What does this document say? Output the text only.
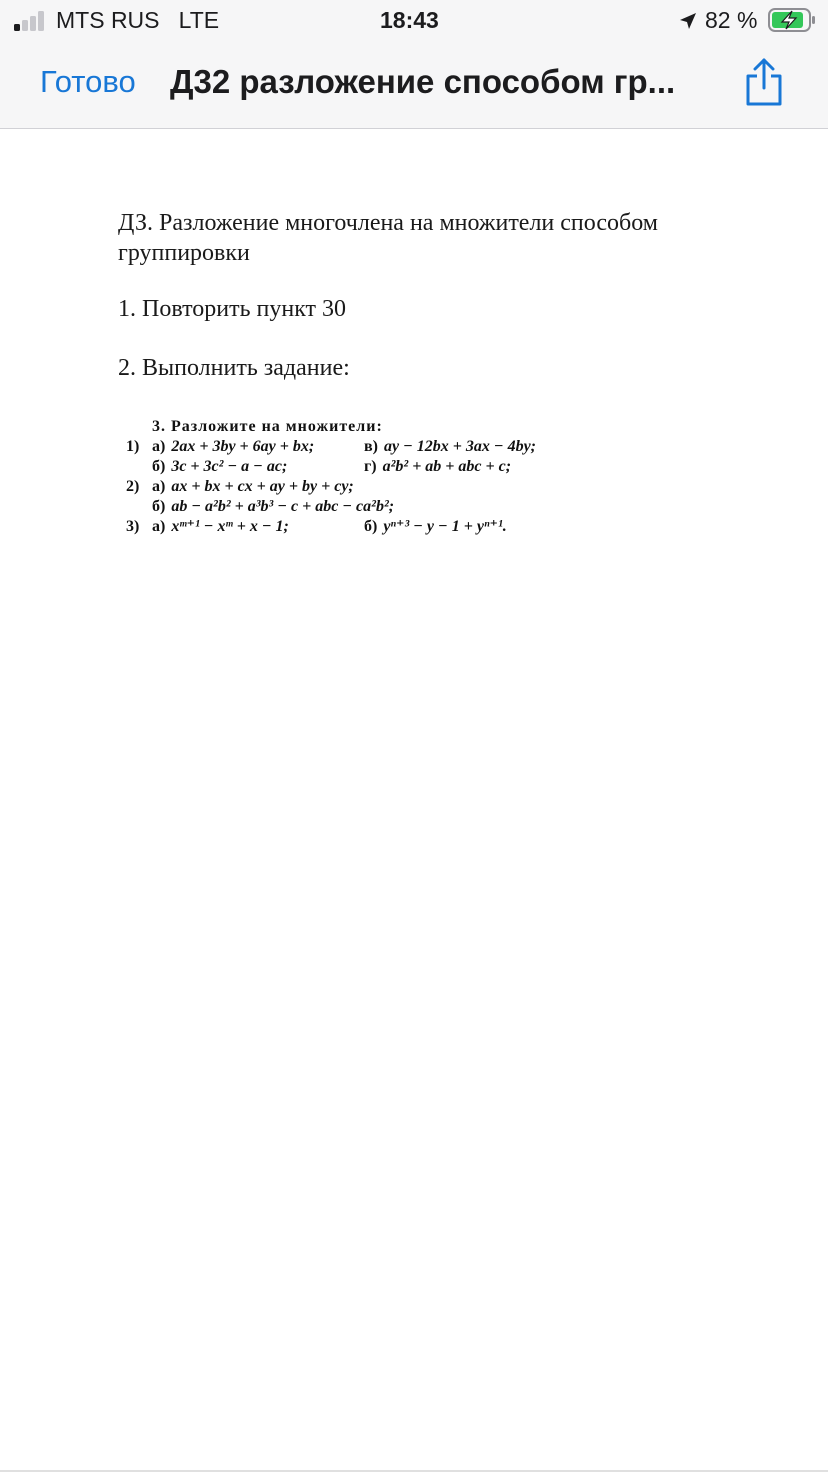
MTS RUS   LTE	18:43	82 %
Готово Д32 разложение способом гр...

ДЗ. Разложение многочлена на множители способом группировки

1. Повторить пункт 30

2. Выполнить задание:

3. Разложите на множители:
1) а) 2ax + 3by + 6ay + bx;	в) ay − 12bx + 3ax − 4by;
б) 3c + 3c² − a − ac;	г) a²b² + ab + abc + c;
2) а) ax + bx + cx + ay + by + cy;
б) ab − a²b² + a³b³ − c + abc − ca²b²;
3) а) xᵐ⁺¹ − xᵐ + x − 1;	б) yⁿ⁺³ − y − 1 + yⁿ⁺¹.
